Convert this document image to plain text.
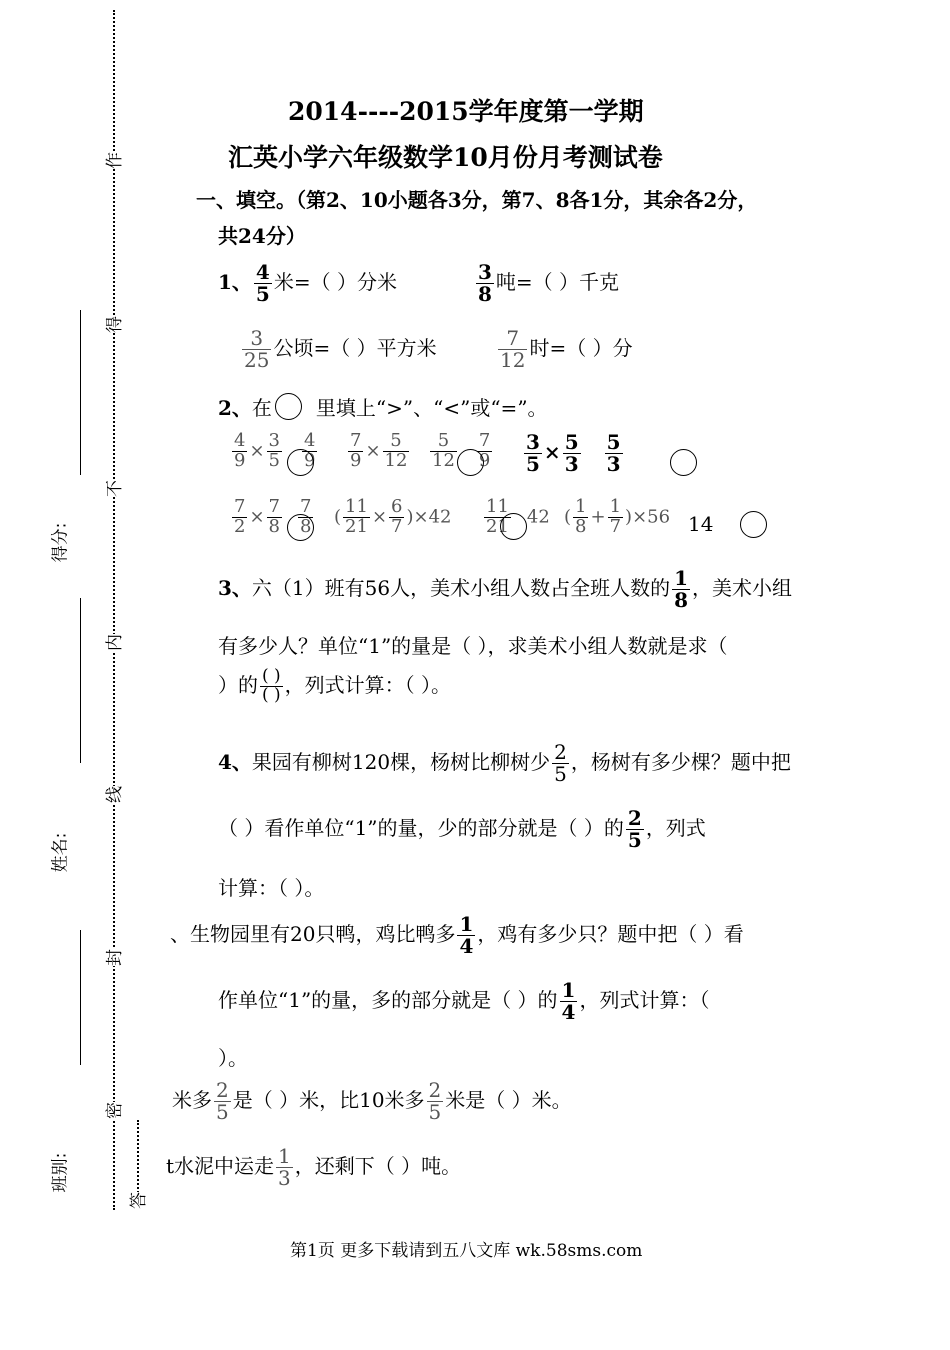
作
得
不
内
线
封
密
答
得分:
姓名:
班别:
2014----2015学年度第一学期
汇英小学六年级数学10月份月考测试卷
一、填空。（第2、10小题各3分，第7、8各1分，其余各2分，
共24分）
1、 $\frac{4}{5}$ 米=（ ）分米	$\frac{3}{8}$ 吨=（ ）千克
$\frac{3}{25}$ 公顷=（ ）平方米	$\frac{7}{12}$ 时=（ ）分
2、在 里填上“>”、“<”或“=”。
$\frac{4}{9} \times \frac{3}{5} \frac{4}{9} \frac{7}{9} \times \frac{5}{12} \frac{5}{12} \frac{7}{9} \frac{3}{5} \times \frac{5}{3} \frac{5}{3}$
$\frac{7}{2} \times \frac{7}{8} \frac{7}{8}$ ( $\frac{11}{21} \times \frac{6}{7} )\times 42 \frac{11}{21} 42$ ( $\frac{1}{8} + \frac{1}{7} )\times 56$ 14
3、六（1）班有56人，美术小组人数占全班人数的 $\frac{1}{8}$ ，美术小组
有多少人？单位“1”的量是（ ），求美术小组人数就是求（
）的 $\frac{( )}{( )}$ ，列式计算：（ ）。
4、果园有柳树120棵，杨树比柳树少 $\frac{2}{5}$ ，杨树有多少棵？题中把
（ ）看作单位“1”的量，少的部分就是（ ）的 $\frac{2}{5}$ ，列式
计算：（ ）。
、生物园里有20只鸭，鸡比鸭多 $\frac{1}{4}$ ，鸡有多少只？题中把（ ）看
作单位“1”的量，多的部分就是（ ）的 $\frac{1}{4}$ ，列式计算：（
）。
米多 $\frac{2}{5}$ 是（ ）米，比10米多 $\frac{2}{5}$ 米是（ ）米。
t水泥中运走 $\frac{1}{3}$ ，还剩下（ ）吨。
第1页 更多下载请到五八文库 wk.58sms.com
